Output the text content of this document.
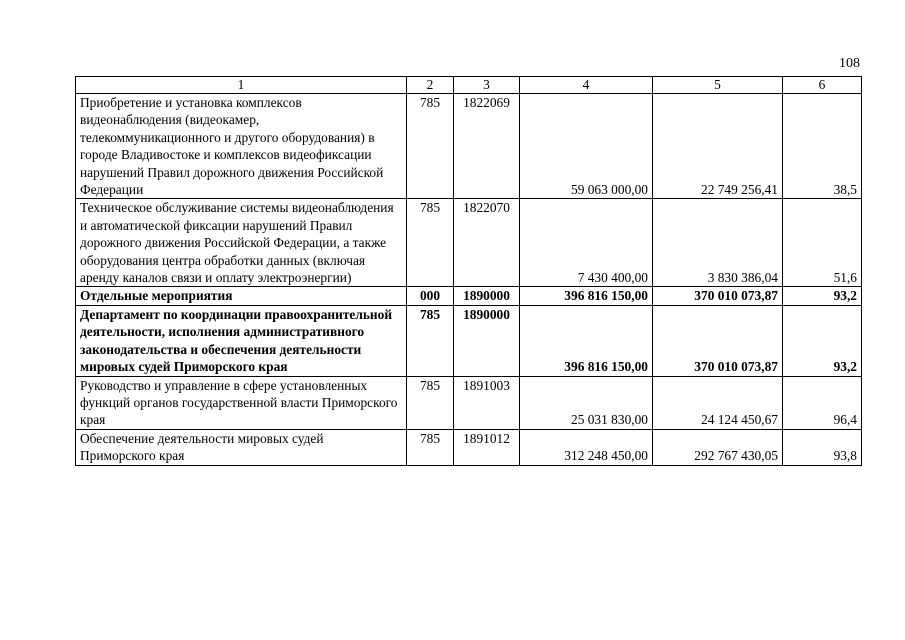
108
1	2	3	4	5	6
Приобретение и установка комплексов видеонаблюдения (видеокамер, телекоммуникационного и другого оборудования) в городе Владивостоке и комплексов видеофиксации нарушений Правил дорожного движения Российской Федерации	785	1822069	59 063 000,00	22 749 256,41	38,5
Техническое обслуживание системы видеонаблюдения и автоматической фиксации нарушений Правил дорожного движения Российской Федерации, а также оборудования центра обработки данных (включая аренду каналов связи и оплату электроэнергии)	785	1822070	7 430 400,00	3 830 386,04	51,6
Отдельные мероприятия	000	1890000	396 816 150,00	370 010 073,87	93,2
Департамент по координации правоохранительной деятельности, исполнения административного законодательства и обеспечения деятельности мировых судей Приморского края	785	1890000	396 816 150,00	370 010 073,87	93,2
Руководство и управление в сфере установленных функций органов государственной власти Приморского края	785	1891003	25 031 830,00	24 124 450,67	96,4
Обеспечение деятельности мировых судей Приморского края	785	1891012	312 248 450,00	292 767 430,05	93,8
